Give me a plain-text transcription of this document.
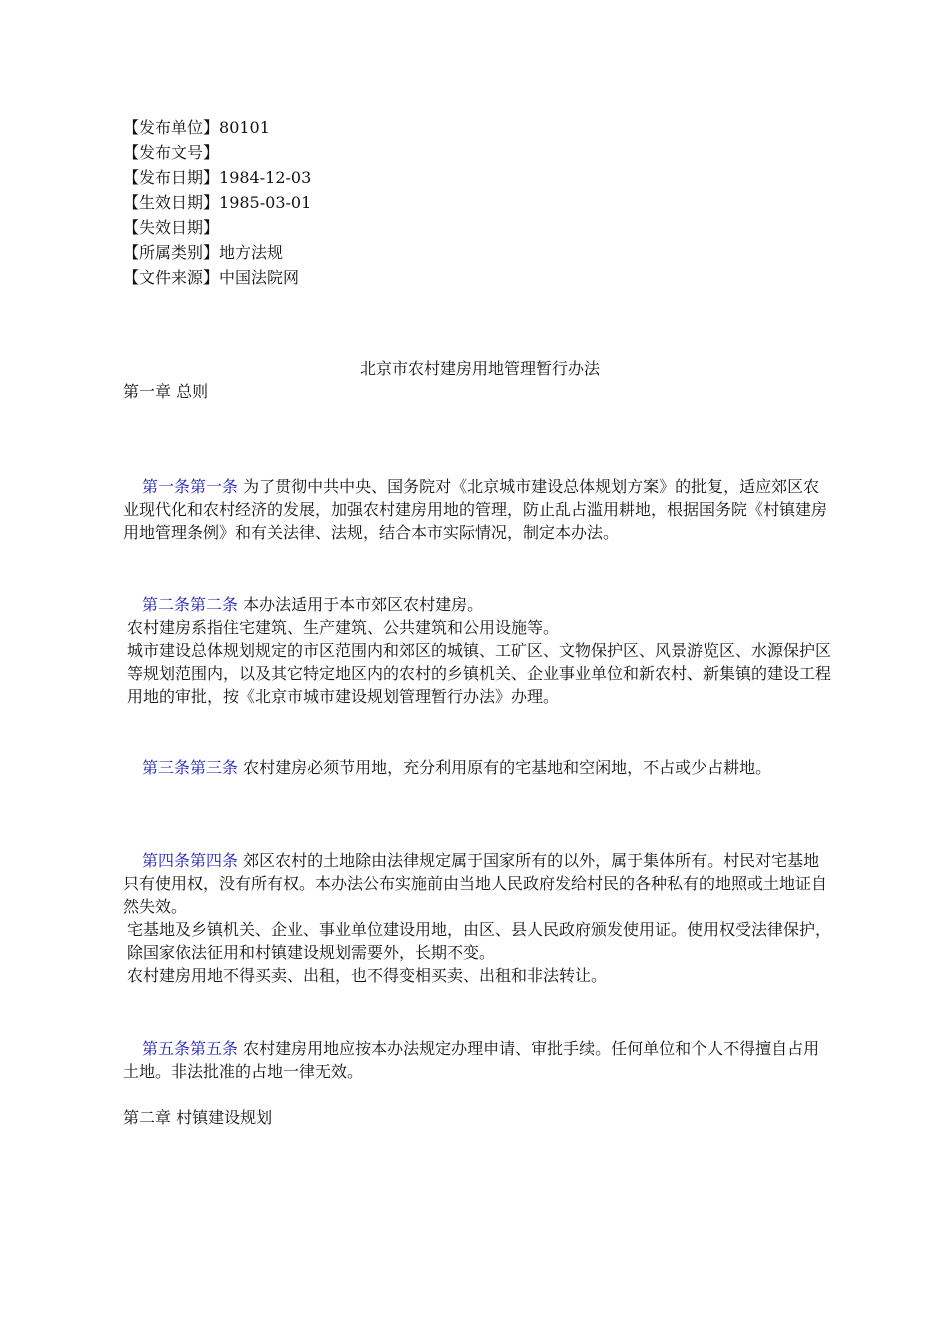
【发布单位】80101
【发布文号】
【发布日期】1984-12-03
【生效日期】1985-03-01
【失效日期】
【所属类别】地方法规
【文件来源】中国法院网
北京市农村建房用地管理暂行办法
第一章 总则

第一条第一条 为了贯彻中共中央、国务院对《北京城市建设总体规划方案》的批复，适应郊区农业现代化和农村经济的发展，加强农村建房用地的管理，防止乱占滥用耕地，根据国务院《村镇建房用地管理条例》和有关法律、法规，结合本市实际情况，制定本办法。

第二条第二条 本办法适用于本市郊区农村建房。

农村建房系指住宅建筑、生产建筑、公共建筑和公用设施等。

城市建设总体规划规定的市区范围内和郊区的城镇、工矿区、文物保护区、风景游览区、水源保护区等规划范围内，以及其它特定地区内的农村的乡镇机关、企业事业单位和新农村、新集镇的建设工程用地的审批，按《北京市城市建设规划管理暂行办法》办理。

第三条第三条 农村建房必须节用地，充分利用原有的宅基地和空闲地，不占或少占耕地。

第四条第四条 郊区农村的土地除由法律规定属于国家所有的以外，属于集体所有。村民对宅基地只有使用权，没有所有权。本办法公布实施前由当地人民政府发给村民的各种私有的地照或土地证自然失效。

宅基地及乡镇机关、企业、事业单位建设用地，由区、县人民政府颁发使用证。使用权受法律保护，除国家依法征用和村镇建设规划需要外，长期不变。

农村建房用地不得买卖、出租，也不得变相买卖、出租和非法转让。

第五条第五条 农村建房用地应按本办法规定办理申请、审批手续。任何单位和个人不得擅自占用土地。非法批准的占地一律无效。

第二章 村镇建设规划
